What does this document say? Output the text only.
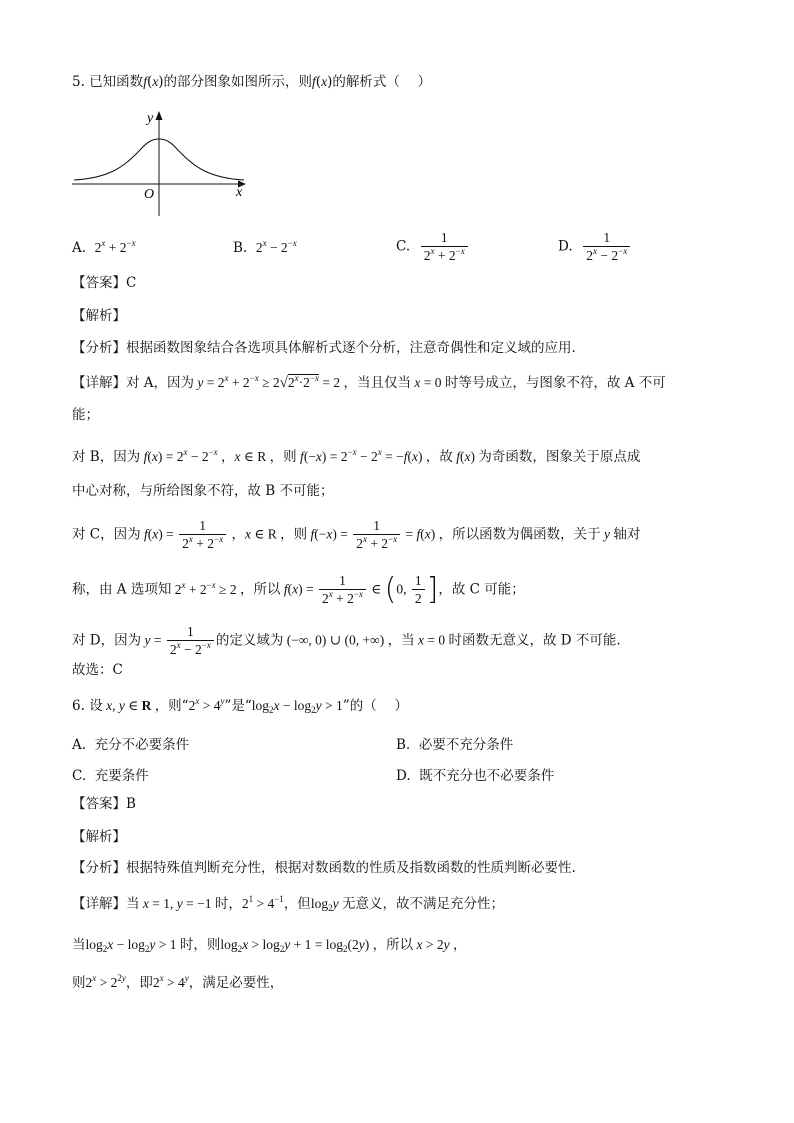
5. 已知函数f(x)的部分图象如图所示，则f(x)的解析式（　 ）
y
x
O
A. $2^x + 2^{-x}$	B. $2^x - 2^{-x}$	C. $\frac{1}{2^x + 2^{-x}}$	D. $\frac{1}{2^x - 2^{-x}}$
【答案】C
【解析】
【分析】根据函数图象结合各选项具体解析式逐个分析，注意奇偶性和定义域的应用.
【详解】对 A，因为 $y = 2^x + 2^{-x} \ge 2√2^x\cdot 2^{-x} = 2$ ，当且仅当 x = 0 时等号成立，与图象不符，故 A 不可
能；
对 B，因为 $f(x) = 2^x - 2^{-x}$ ，x ∈ R ，则 $f(-x) = 2^{-x} - 2^x = -f(x)$ ，故 f(x) 为奇函数，图象关于原点成
中心对称，与所给图象不符，故 B 不可能；
对 C，因为 $f(x) = \frac{1}{2^x + 2^{-x}}$ ，x ∈ R ，则 $f(-x) = \frac{1}{2^x + 2^{-x}} = f(x)$ ，所以函数为偶函数，关于 y 轴对
称，由 A 选项知 $2^x + 2^{-x} \ge 2$ ，所以 $f(x) = \frac{1}{2^x + 2^{-x}}$ ∈ (0, $\frac{1}{2}$ ]，故 C 可能；
对 D，因为 $y = \frac{1}{2^x - 2^{-x}}$ 的定义域为 (−∞, 0) ∪ (0, +∞) ，当 x = 0 时函数无意义，故 D 不可能.
故选：C
6. 设 x, y ∈ R ，则“$2^x > 4^y$”是“$\log_2x - \log_2y > 1$”的（　 ）
A. 充分不必要条件	B. 必要不充分条件
C. 充要条件	D. 既不充分也不必要条件
【答案】B
【解析】
【分析】根据特殊值判断充分性，根据对数函数的性质及指数函数的性质判断必要性.
【详解】当 x = 1, y = −1 时，$2^1 > 4^{-1}$，但$\log_2y$ 无意义，故不满足充分性；
当$\log_2x - \log_2y > 1$ 时，则$\log_2x > \log_2y + 1 = \log_2(2y)$ ，所以 x > 2y ，
则$2^x > 2^{2y}$，即$2^x > 4^y$，满足必要性，
